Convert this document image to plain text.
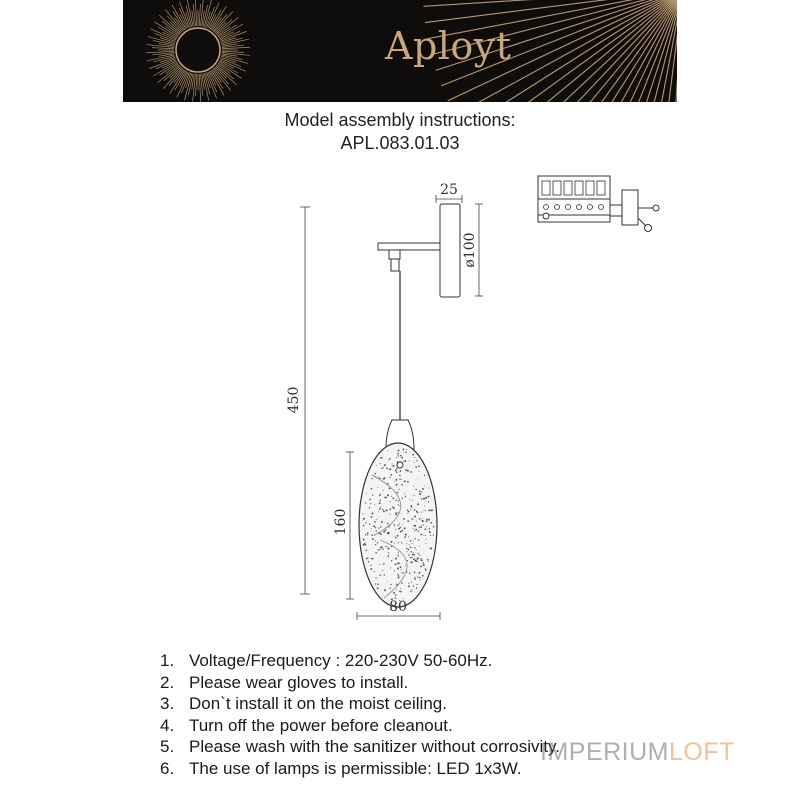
Aployt
Model assembly instructions:
APL.083.01.03
450
25
ø100
160
80
1. Voltage/Frequency : 220-230V 50-60Hz.
2. Please wear gloves to install.
3. Don`t install it on the moist ceiling.
4. Turn off the power before cleanout.
5. Please wash with the sanitizer without corrosivity.
6. The use of lamps is permissible: LED 1x3W.
IMPERIUMLOFT
